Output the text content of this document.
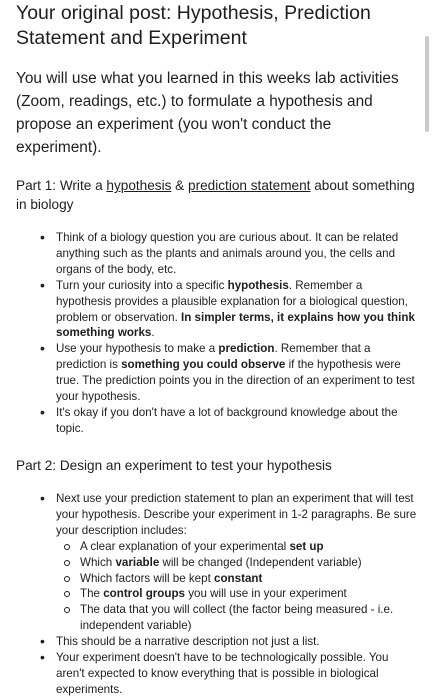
Your original post: Hypothesis, Prediction Statement and Experiment

You will use what you learned in this weeks lab activities (Zoom, readings, etc.) to formulate a hypothesis and propose an experiment (you won't conduct the experiment).

Part 1: Write a hypothesis & prediction statement about something in biology

• Think of a biology question you are curious about. It can be related anything such as the plants and animals around you, the cells and organs of the body, etc.
• Turn your curiosity into a specific hypothesis. Remember a hypothesis provides a plausible explanation for a biological question, problem or observation. In simpler terms, it explains how you think something works.
• Use your hypothesis to make a prediction. Remember that a prediction is something you could observe if the hypothesis were true. The prediction points you in the direction of an experiment to test your hypothesis.
• It's okay if you don't have a lot of background knowledge about the topic.

Part 2: Design an experiment to test your hypothesis

• Next use your prediction statement to plan an experiment that will test your hypothesis. Describe your experiment in 1-2 paragraphs. Be sure your description includes:
A clear explanation of your experimental set up
Which variable will be changed (Independent variable)
Which factors will be kept constant
The control groups you will use in your experiment
The data that you will collect (the factor being measured - i.e. independent variable)
• This should be a narrative description not just a list.
• Your experiment doesn't have to be technologically possible. You aren't expected to know everything that is possible in biological experiments.
